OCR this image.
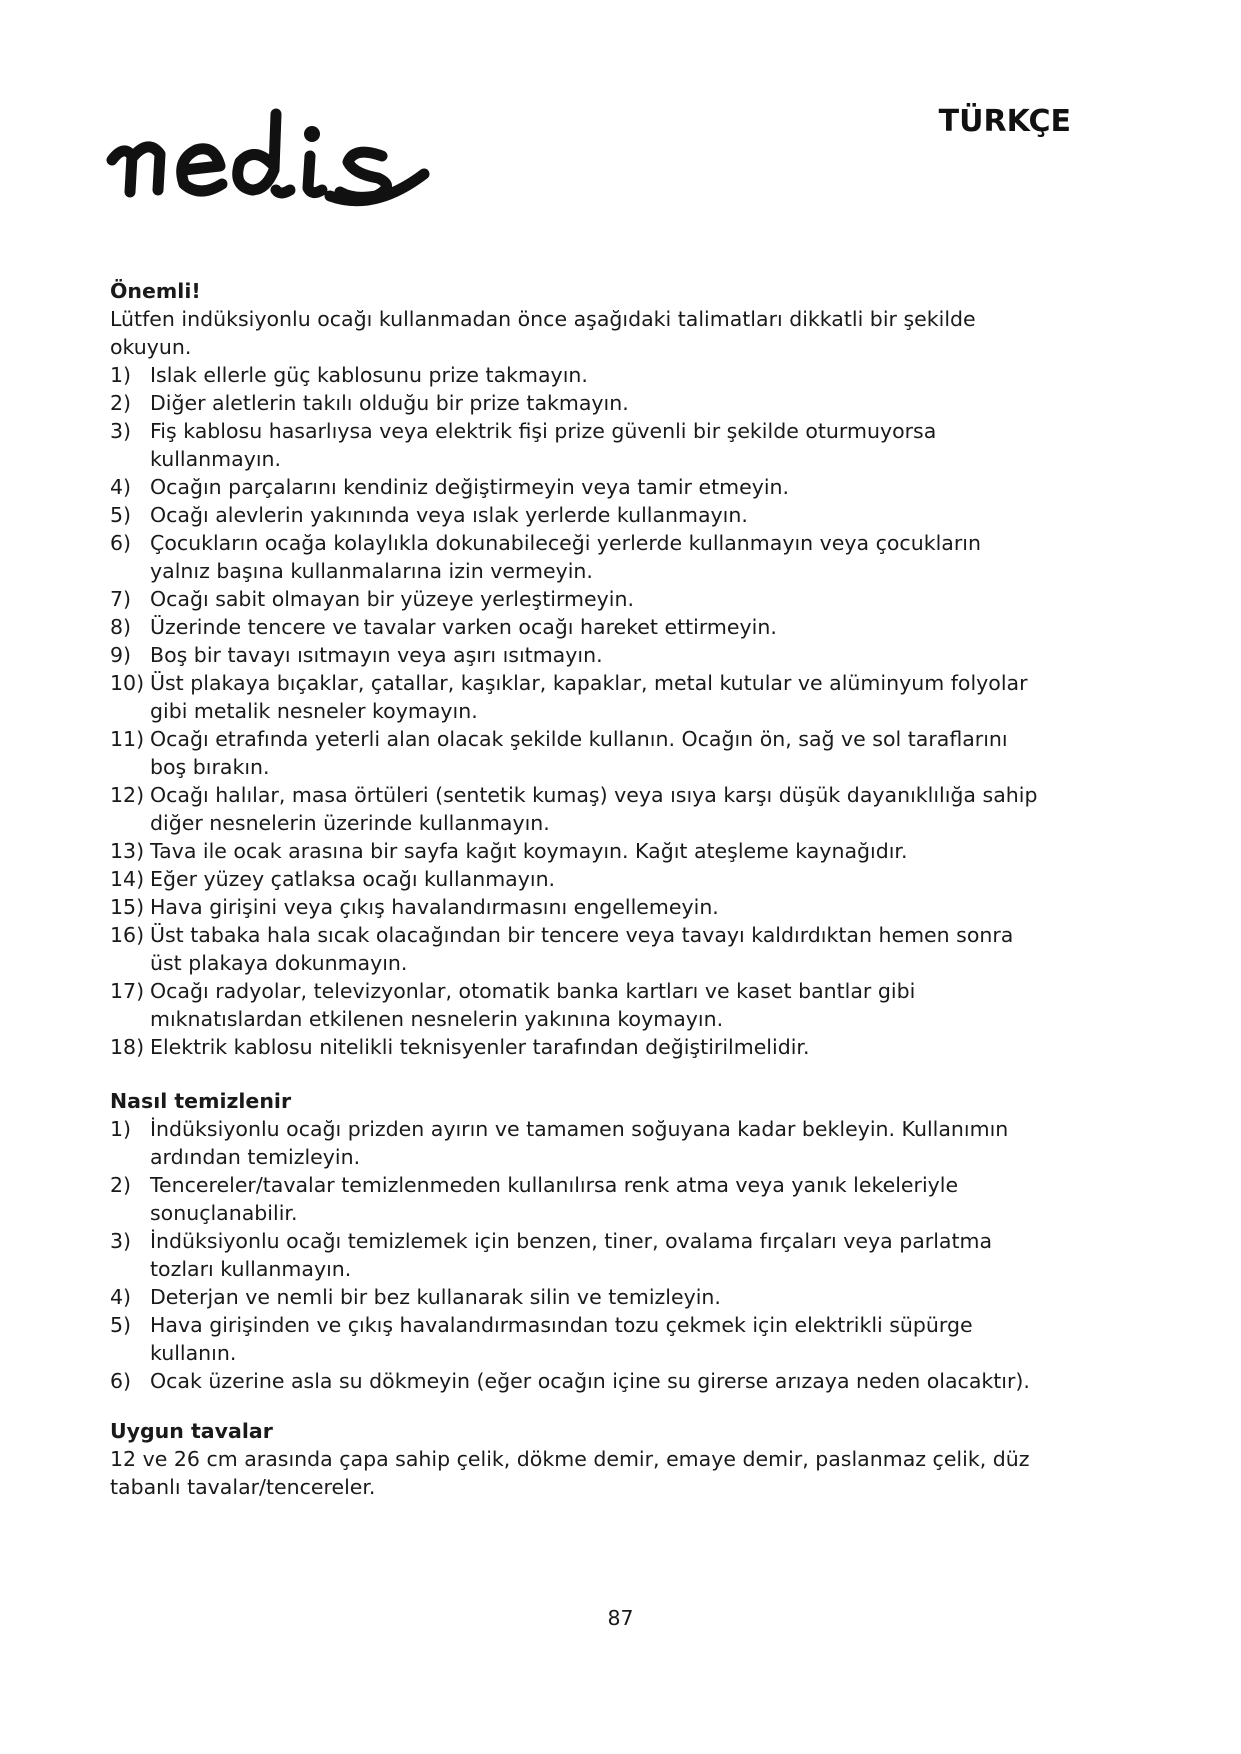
TÜRKÇE
Önemli!
Lütfen indüksiyonlu ocağı kullanmadan önce aşağıdaki talimatları dikkatli bir şekilde
okuyun.
1) Islak ellerle güç kablosunu prize takmayın.
2) Diğer aletlerin takılı olduğu bir prize takmayın.
3) Fiş kablosu hasarlıysa veya elektrik fişi prize güvenli bir şekilde oturmuyorsa kullanmayın.
4) Ocağın parçalarını kendiniz değiştirmeyin veya tamir etmeyin.
5) Ocağı alevlerin yakınında veya ıslak yerlerde kullanmayın.
6) Çocukların ocağa kolaylıkla dokunabileceği yerlerde kullanmayın veya çocukların yalnız başına kullanmalarına izin vermeyin.
7) Ocağı sabit olmayan bir yüzeye yerleştirmeyin.
8) Üzerinde tencere ve tavalar varken ocağı hareket ettirmeyin.
9) Boş bir tavayı ısıtmayın veya aşırı ısıtmayın.
10) Üst plakaya bıçaklar, çatallar, kaşıklar, kapaklar, metal kutular ve alüminyum folyolar gibi metalik nesneler koymayın.
11) Ocağı etrafında yeterli alan olacak şekilde kullanın. Ocağın ön, sağ ve sol taraflarını boş bırakın.
12) Ocağı halılar, masa örtüleri (sentetik kumaş) veya ısıya karşı düşük dayanıklılığa sahip diğer nesnelerin üzerinde kullanmayın.
13) Tava ile ocak arasına bir sayfa kağıt koymayın. Kağıt ateşleme kaynağıdır.
14) Eğer yüzey çatlaksa ocağı kullanmayın.
15) Hava girişini veya çıkış havalandırmasını engellemeyin.
16) Üst tabaka hala sıcak olacağından bir tencere veya tavayı kaldırdıktan hemen sonra üst plakaya dokunmayın.
17) Ocağı radyolar, televizyonlar, otomatik banka kartları ve kaset bantlar gibi mıknatıslardan etkilenen nesnelerin yakınına koymayın.
18) Elektrik kablosu nitelikli teknisyenler tarafından değiştirilmelidir.
Nasıl temizlenir
1) İndüksiyonlu ocağı prizden ayırın ve tamamen soğuyana kadar bekleyin. Kullanımın ardından temizleyin.
2) Tencereler/tavalar temizlenmeden kullanılırsa renk atma veya yanık lekeleriyle sonuçlanabilir.
3) İndüksiyonlu ocağı temizlemek için benzen, tiner, ovalama fırçaları veya parlatma tozları kullanmayın.
4) Deterjan ve nemli bir bez kullanarak silin ve temizleyin.
5) Hava girişinden ve çıkış havalandırmasından tozu çekmek için elektrikli süpürge kullanın.
6) Ocak üzerine asla su dökmeyin (eğer ocağın içine su girerse arızaya neden olacaktır).
Uygun tavalar
12 ve 26 cm arasında çapa sahip çelik, dökme demir, emaye demir, paslanmaz çelik, düz
tabanlı tavalar/tencereler.
87
